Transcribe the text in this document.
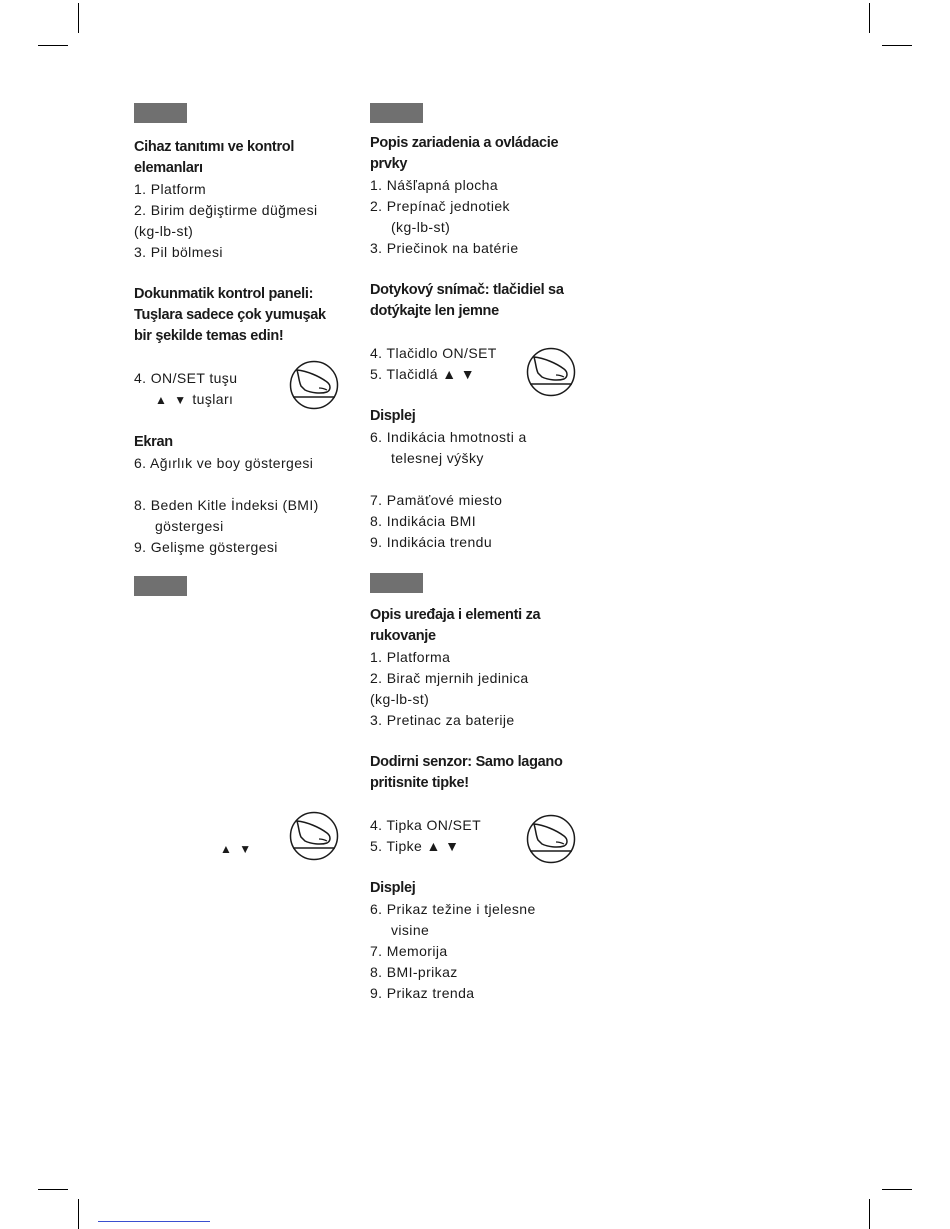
Cihaz tanıtımı ve kontrol elemanları
1. Platform
2. Birim değiştirme düğmesi
(kg-lb-st)
3. Pil bölmesi
Dokunmatik kontrol paneli: Tuşlara sadece çok yumuşak bir şekilde temas edin!
4. ON/SET tuşu
▲ ▼ tuşları
Ekran
6. Ağırlık ve boy göstergesi
8. Beden Kitle İndeksi (BMI)
göstergesi
9. Gelişme göstergesi
▲ ▼
Popis zariadenia a ovládacie prvky
1. Nášľapná plocha
2. Prepínač jednotiek
(kg-lb-st)
3. Priečinok na batérie
Dotykový snímač: tlačidiel sa dotýkajte len jemne
4. Tlačidlo ON/SET
5. Tlačidlá ▲ ▼
Displej
6. Indikácia hmotnosti a
telesnej výšky
7. Pamäťové miesto
8. Indikácia BMI
9. Indikácia trendu
Opis uređaja i elementi za rukovanje
1. Platforma
2. Birač mjernih jedinica
(kg-lb-st)
3. Pretinac za baterije
Dodirni senzor: Samo lagano pritisnite tipke!
4. Tipka ON/SET
5. Tipke ▲ ▼
Displej
6. Prikaz težine i tjelesne
visine
7. Memorija
8. BMI-prikaz
9. Prikaz trenda
